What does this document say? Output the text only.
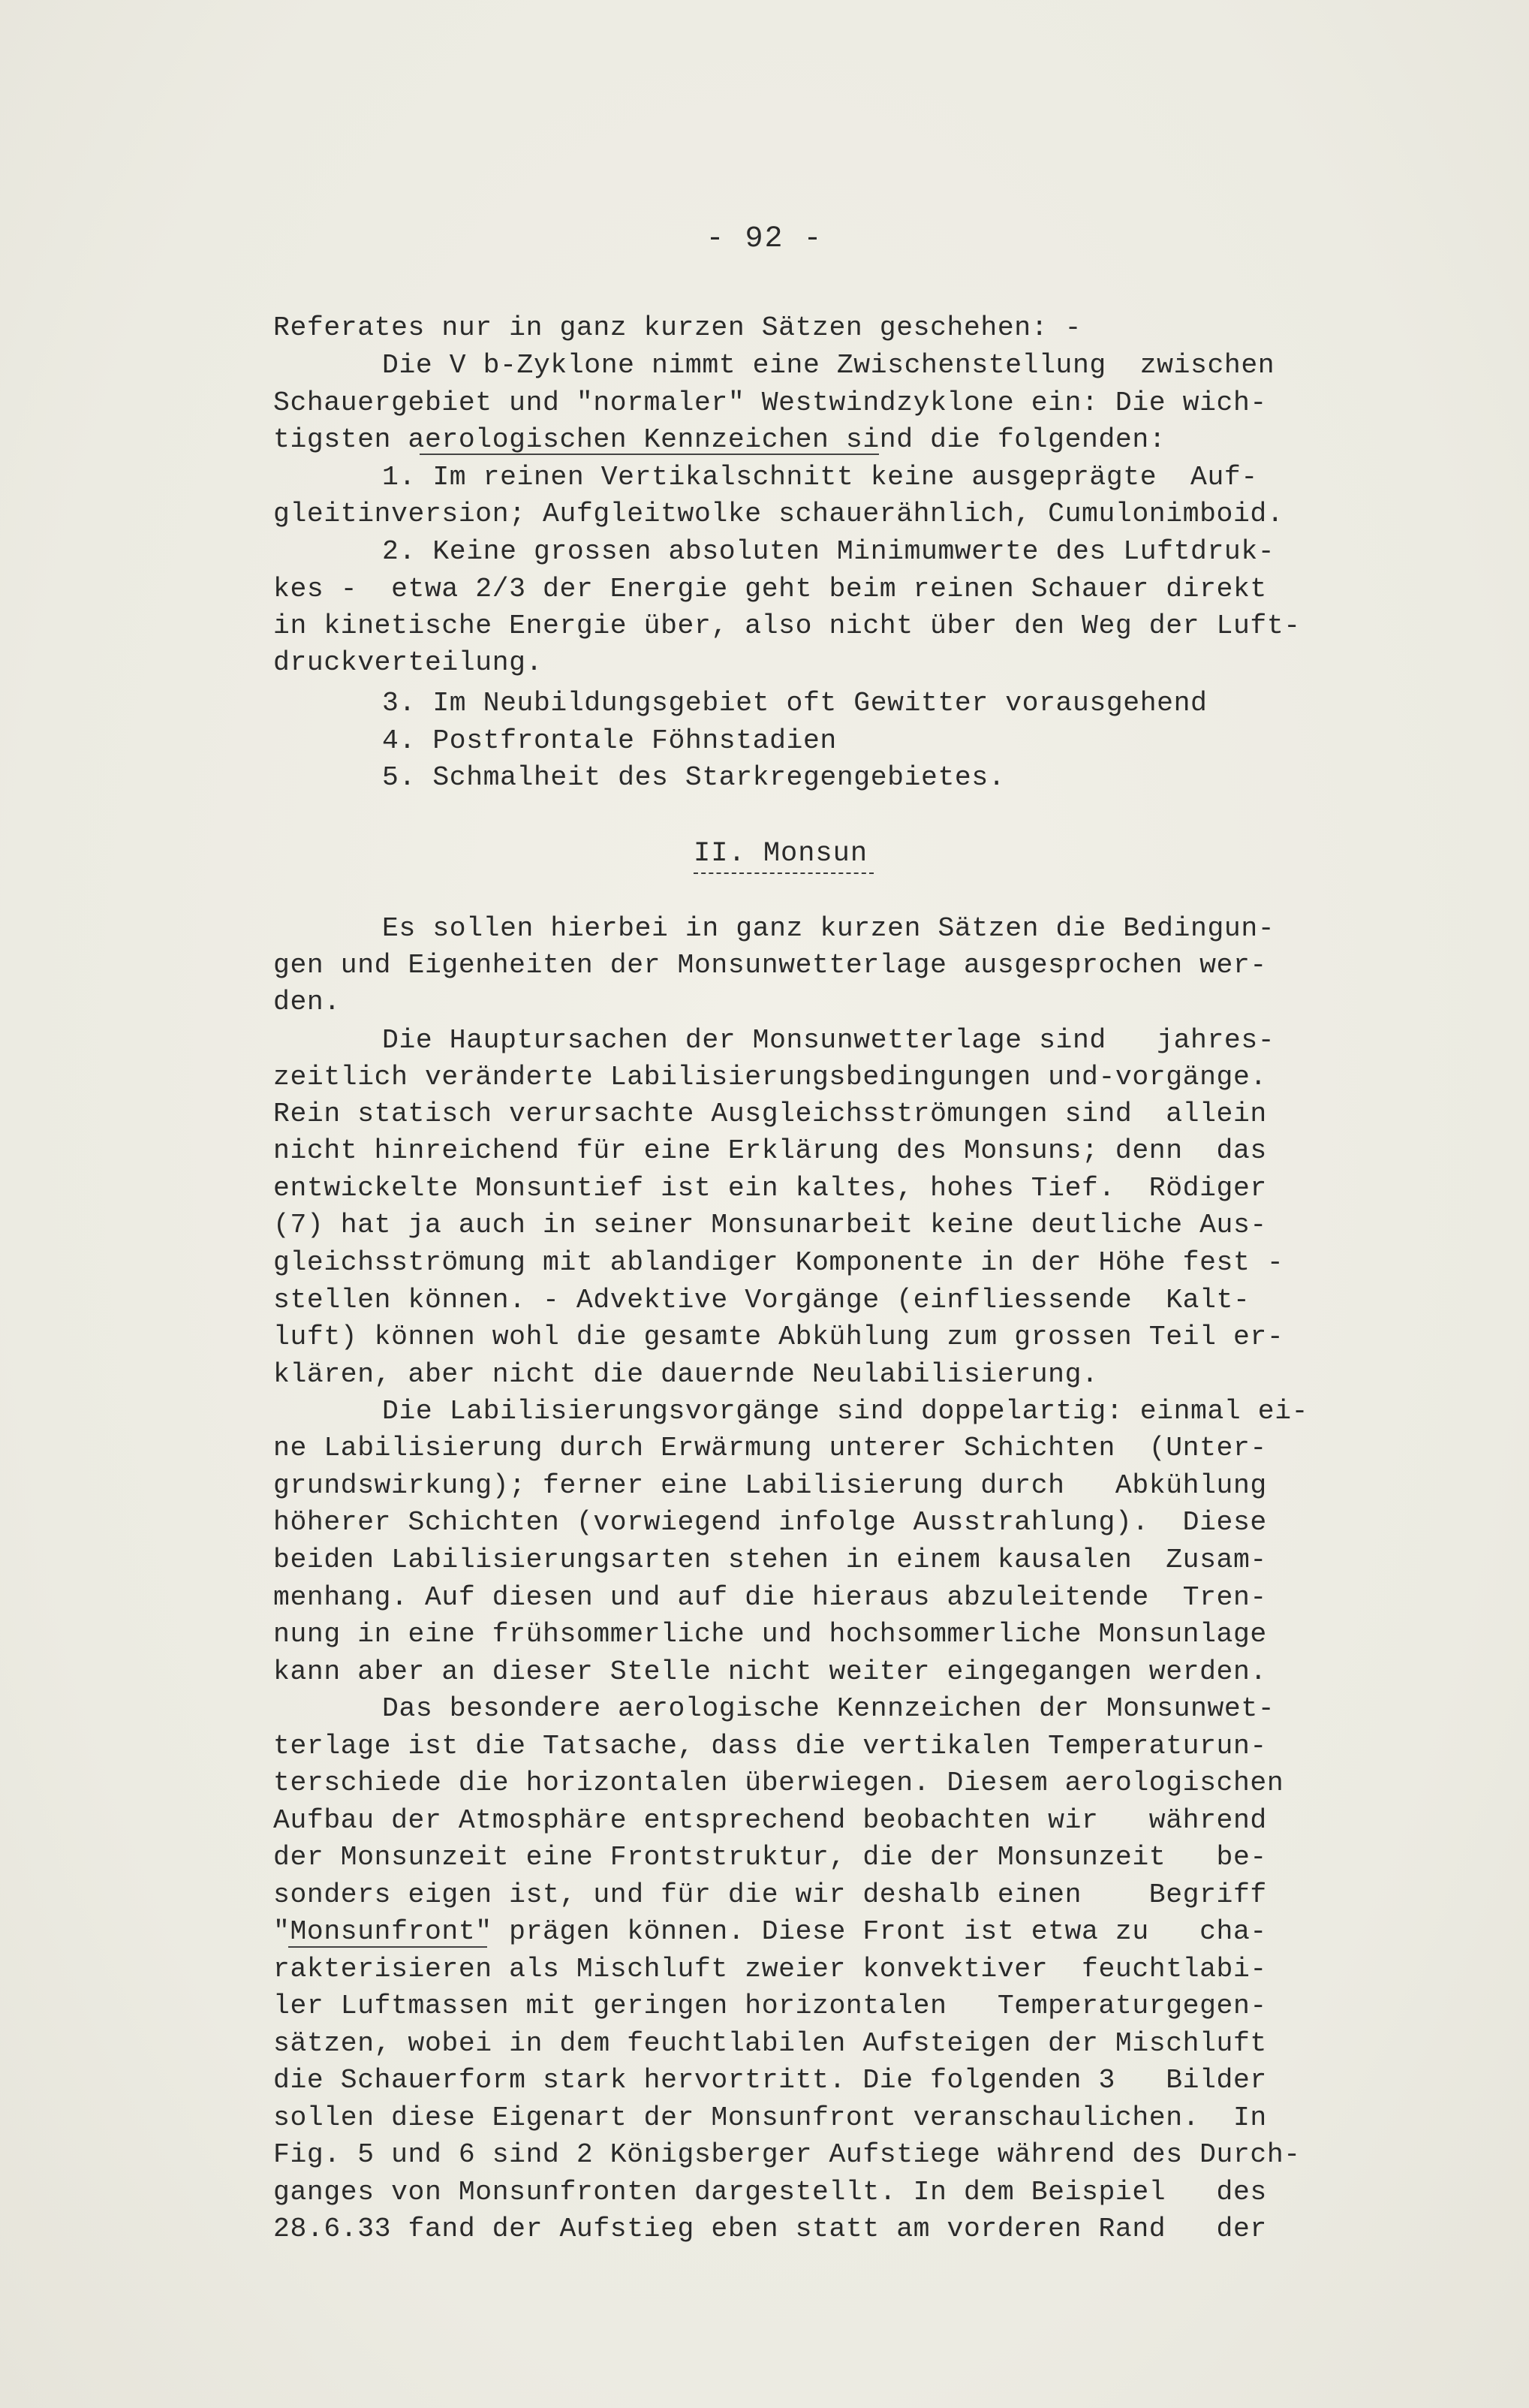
- 92 -
Referates nur in ganz kurzen Sätzen geschehen: -
Die V b-Zyklone nimmt eine Zwischenstellung  zwischen
Schauergebiet und "normaler" Westwindzyklone ein: Die wich-
tigsten aerologischen Kennzeichen sind die folgenden:
1. Im reinen Vertikalschnitt keine ausgeprägte  Auf-
gleitinversion; Aufgleitwolke schauerähnlich, Cumulonimboid.
2. Keine grossen absoluten Minimumwerte des Luftdruk-
kes -  etwa 2/3 der Energie geht beim reinen Schauer direkt
in kinetische Energie über, also nicht über den Weg der Luft-
druckverteilung.
3. Im Neubildungsgebiet oft Gewitter vorausgehend
4. Postfrontale Föhnstadien
5. Schmalheit des Starkregengebietes.
II. Monsun
Es sollen hierbei in ganz kurzen Sätzen die Bedingun-
gen und Eigenheiten der Monsunwetterlage ausgesprochen wer-
den.
Die Hauptursachen der Monsunwetterlage sind   jahres-
zeitlich veränderte Labilisierungsbedingungen und-vorgänge.
Rein statisch verursachte Ausgleichsströmungen sind  allein
nicht hinreichend für eine Erklärung des Monsuns; denn  das
entwickelte Monsuntief ist ein kaltes, hohes Tief.  Rödiger
(7) hat ja auch in seiner Monsunarbeit keine deutliche Aus-
gleichsströmung mit ablandiger Komponente in der Höhe fest -
stellen können. - Advektive Vorgänge (einfliessende  Kalt-
luft) können wohl die gesamte Abkühlung zum grossen Teil er-
klären, aber nicht die dauernde Neulabilisierung.
Die Labilisierungsvorgänge sind doppelartig: einmal ei-
ne Labilisierung durch Erwärmung unterer Schichten  (Unter-
grundswirkung); ferner eine Labilisierung durch   Abkühlung
höherer Schichten (vorwiegend infolge Ausstrahlung).  Diese
beiden Labilisierungsarten stehen in einem kausalen  Zusam-
menhang. Auf diesen und auf die hieraus abzuleitende  Tren-
nung in eine frühsommerliche und hochsommerliche Monsunlage
kann aber an dieser Stelle nicht weiter eingegangen werden.
Das besondere aerologische Kennzeichen der Monsunwet-
terlage ist die Tatsache, dass die vertikalen Temperaturun-
terschiede die horizontalen überwiegen. Diesem aerologischen
Aufbau der Atmosphäre entsprechend beobachten wir   während
der Monsunzeit eine Frontstruktur, die der Monsunzeit   be-
sonders eigen ist, und für die wir deshalb einen    Begriff
"Monsunfront" prägen können. Diese Front ist etwa zu   cha-
rakterisieren als Mischluft zweier konvektiver  feuchtlabi-
ler Luftmassen mit geringen horizontalen   Temperaturgegen-
sätzen, wobei in dem feuchtlabilen Aufsteigen der Mischluft
die Schauerform stark hervortritt. Die folgenden 3   Bilder
sollen diese Eigenart der Monsunfront veranschaulichen.  In
Fig. 5 und 6 sind 2 Königsberger Aufstiege während des Durch-
ganges von Monsunfronten dargestellt. In dem Beispiel   des
28.6.33 fand der Aufstieg eben statt am vorderen Rand   der
